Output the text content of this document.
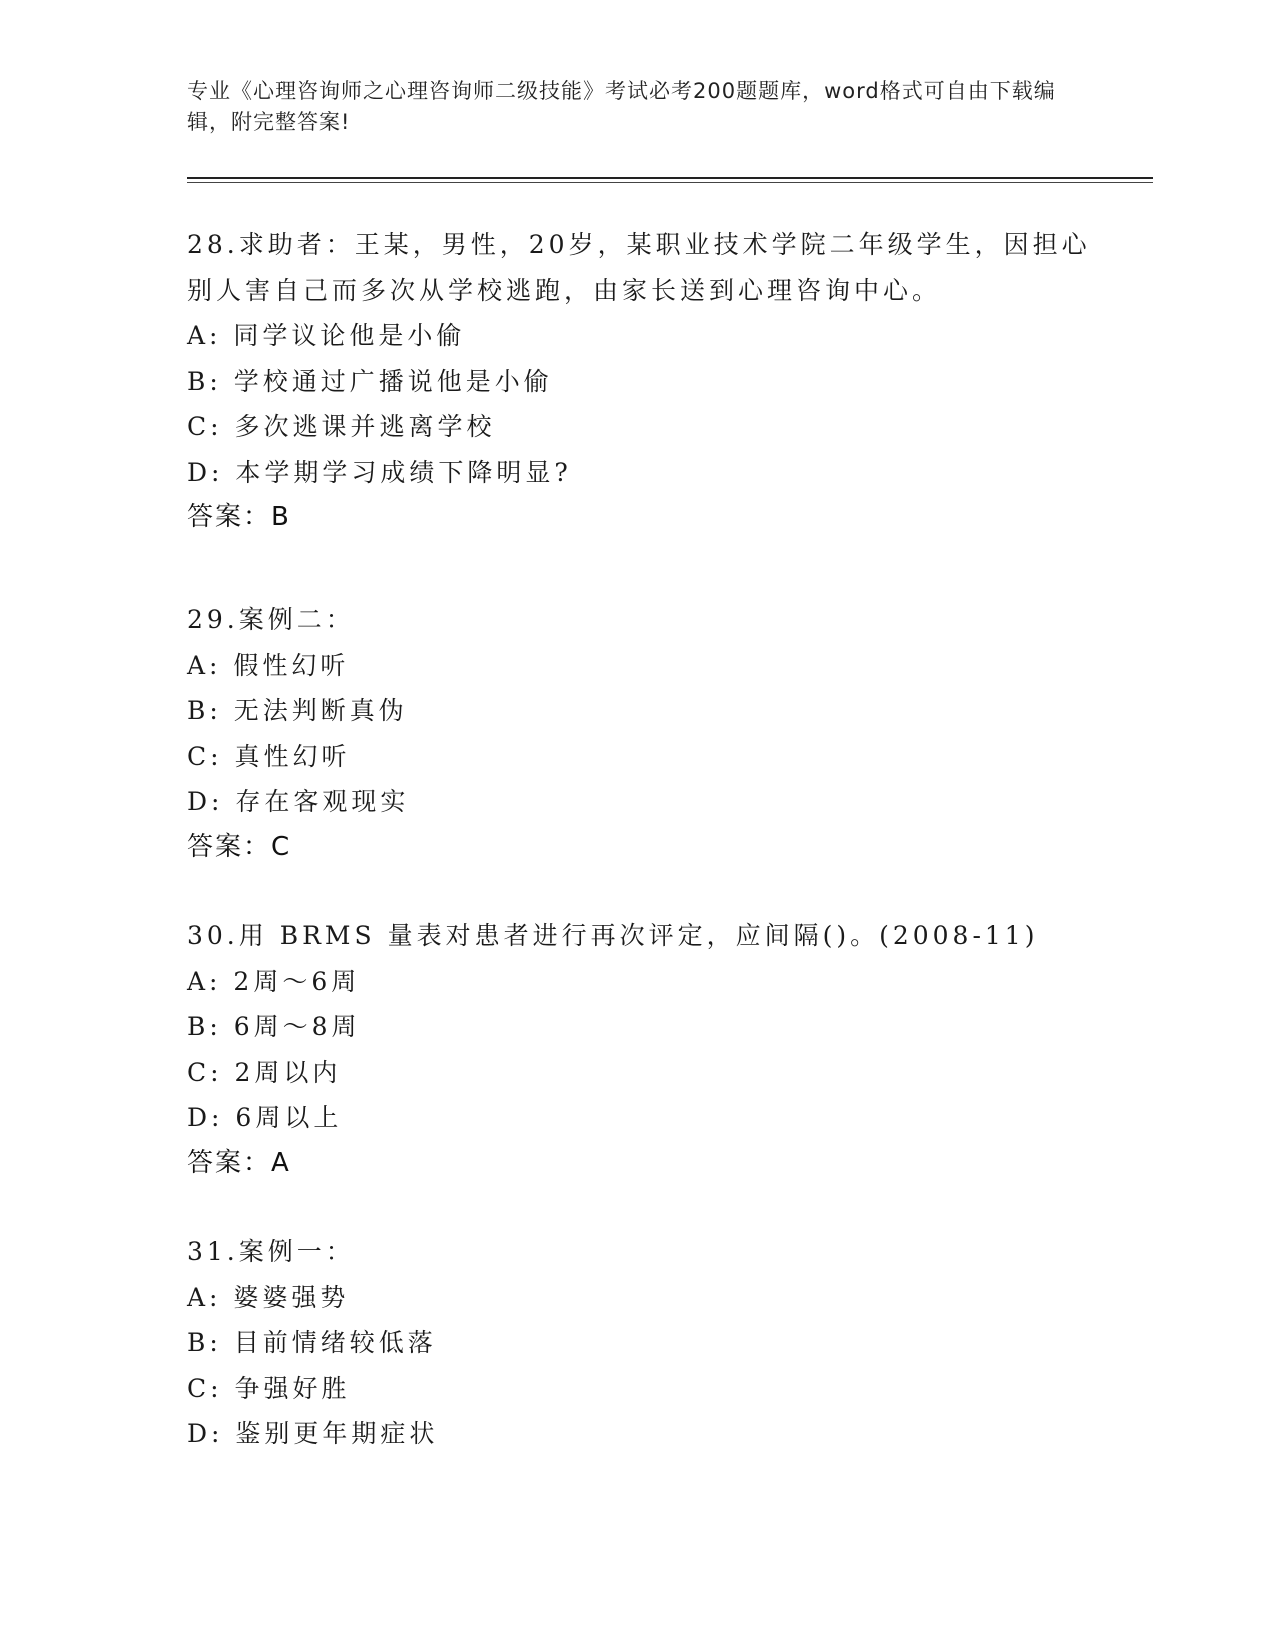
专业《心理咨询师之心理咨询师二级技能》考试必考200题题库，word格式可自由下载编辑，附完整答案!
28.求助者：王某，男性，20岁，某职业技术学院二年级学生，因担心
别人害自己而多次从学校逃跑，由家长送到心理咨询中心。
A: 同学议论他是小偷
B: 学校通过广播说他是小偷
C: 多次逃课并逃离学校
D: 本学期学习成绩下降明显?
答案：B
29.案例二：
A: 假性幻听
B: 无法判断真伪
C: 真性幻听
D: 存在客观现实
答案：C
30.用 BRMS 量表对患者进行再次评定，应间隔()。(2008-11)
A: 2周～6周
B: 6周～8周
C: 2周以内
D: 6周以上
答案：A
31.案例一：
A: 婆婆强势
B: 目前情绪较低落
C: 争强好胜
D: 鉴别更年期症状
